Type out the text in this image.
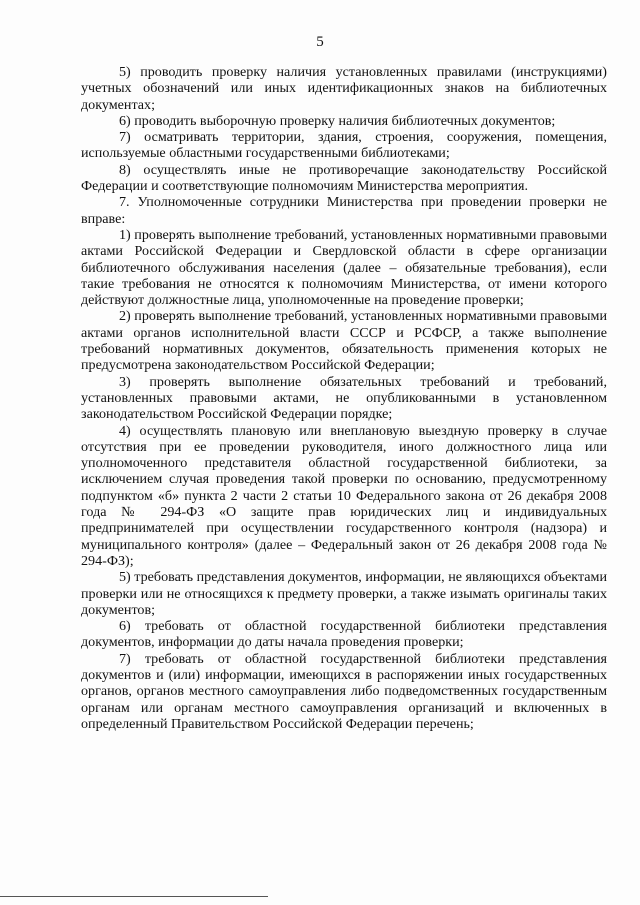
5

5) проводить проверку наличия установленных правилами (инструкциями) учетных обозначений или иных идентификационных знаков на библиотечных документах;

6) проводить выборочную проверку наличия библиотечных документов;

7) осматривать территории, здания, строения, сооружения, помещения, используемые областными государственными библиотеками;

8) осуществлять иные не противоречащие законодательству Российской Федерации и соответствующие полномочиям Министерства мероприятия.

7. Уполномоченные сотрудники Министерства при проведении проверки не вправе:

1) проверять выполнение требований, установленных нормативными правовыми актами Российской Федерации и Свердловской области в сфере организации библиотечного обслуживания населения (далее – обязательные требования), если такие требования не относятся к полномочиям Министерства, от имени которого действуют должностные лица, уполномоченные на проведение проверки;

2) проверять выполнение требований, установленных нормативными правовыми актами органов исполнительной власти СССР и РСФСР, а также выполнение требований нормативных документов, обязательность применения которых не предусмотрена законодательством Российской Федерации;

3) проверять выполнение обязательных требований и требований, установленных правовыми актами, не опубликованными в установленном законодательством Российской Федерации порядке;

4) осуществлять плановую или внеплановую выездную проверку в случае отсутствия при ее проведении руководителя, иного должностного лица или уполномоченного представителя областной государственной библиотеки, за исключением случая проведения такой проверки по основанию, предусмотренному подпунктом «б» пункта 2 части 2 статьи 10 Федерального закона от 26 декабря 2008 года № 294-ФЗ «О защите прав юридических лиц и индивидуальных предпринимателей при осуществлении государственного контроля (надзора) и муниципального контроля» (далее – Федеральный закон от 26 декабря 2008 года № 294-ФЗ);

5) требовать представления документов, информации, не являющихся объектами проверки или не относящихся к предмету проверки, а также изымать оригиналы таких документов;

6) требовать от областной государственной библиотеки представления документов, информации до даты начала проведения проверки;

7) требовать от областной государственной библиотеки представления документов и (или) информации, имеющихся в распоряжении иных государственных органов, органов местного самоуправления либо подведомственных государственным органам или органам местного самоуправления организаций и включенных в определенный Правительством Российской Федерации перечень;
